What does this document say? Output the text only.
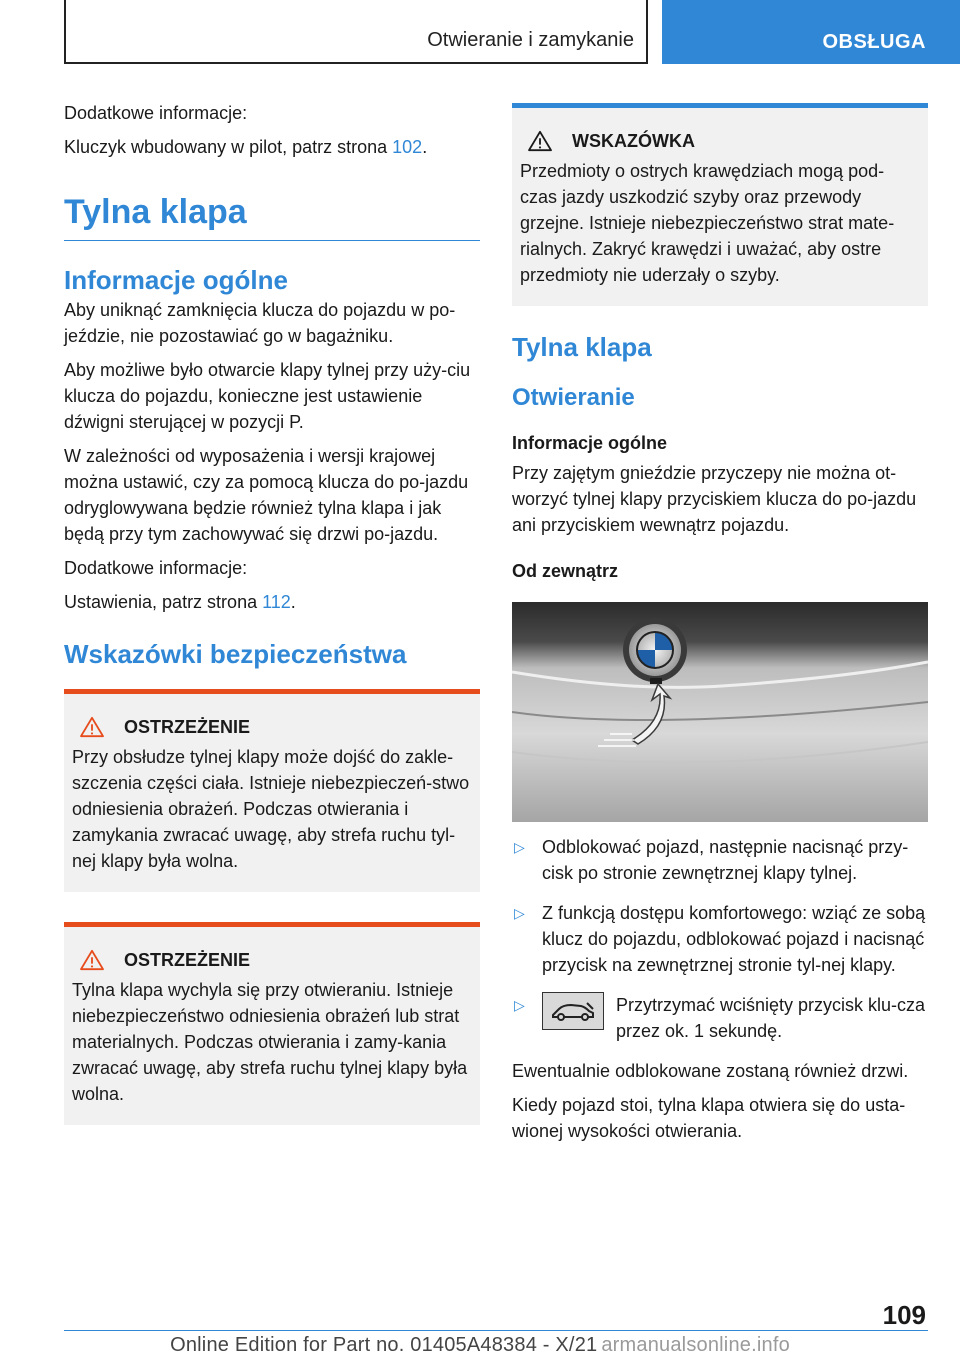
Otwieranie i zamykanie	OBSŁUGA

Dodatkowe informacje:

Kluczyk wbudowany w pilot, patrz strona 102.

Tylna klapa
Informacje ogólne

Aby uniknąć zamknięcia klucza do pojazdu w po-jeździe, nie pozostawiać go w bagażniku.

Aby możliwe było otwarcie klapy tylnej przy uży-ciu klucza do pojazdu, konieczne jest ustawienie dźwigni sterującej w pozycji P.

W zależności od wyposażenia i wersji krajowej można ustawić, czy za pomocą klucza do po-jazdu odryglowywana będzie również tylna klapa i jak będą przy tym zachowywać się drzwi po-jazdu.

Dodatkowe informacje:

Ustawienia, patrz strona 112.

Wskazówki bezpieczeństwa
OSTRZEŻENIE

Przy obsłudze tylnej klapy może dojść do zakle-szczenia części ciała. Istnieje niebezpieczeń-stwo odniesienia obrażeń. Podczas otwierania i zamykania zwracać uwagę, aby strefa ruchu tyl-nej klapy była wolna.

OSTRZEŻENIE

Tylna klapa wychyla się przy otwieraniu. Istnieje niebezpieczeństwo odniesienia obrażeń lub strat materialnych. Podczas otwierania i zamy-kania zwracać uwagę, aby strefa ruchu tylnej klapy była wolna.

WSKAZÓWKA

Przedmioty o ostrych krawędziach mogą pod-czas jazdy uszkodzić szyby oraz przewody grzejne. Istnieje niebezpieczeństwo strat mate-rialnych. Zakryć krawędzi i uważać, aby ostre przedmioty nie uderzały o szyby.

Tylna klapa
Otwieranie
Informacje ogólne

Przy zajętym gnieździe przyczepy nie można ot-worzyć tylnej klapy przyciskiem klucza do po-jazdu ani przyciskiem wewnątrz pojazdu.

Od zewnątrz
▷ Odblokować pojazd, następnie nacisnąć przy-cisk po stronie zewnętrznej klapy tylnej.
▷ Z funkcją dostępu komfortowego: wziąć ze sobą klucz do pojazdu, odblokować pojazd i nacisnąć przycisk na zewnętrznej stronie tyl-nej klapy.
▷	Przytrzymać wciśnięty przycisk klu-cza przez ok. 1 sekundę.

Ewentualnie odblokowane zostaną również drzwi.

Kiedy pojazd stoi, tylna klapa otwiera się do usta-wionej wysokości otwierania.

109
Online Edition for Part no. 01405A48384 - X/21 armanualsonline.info
